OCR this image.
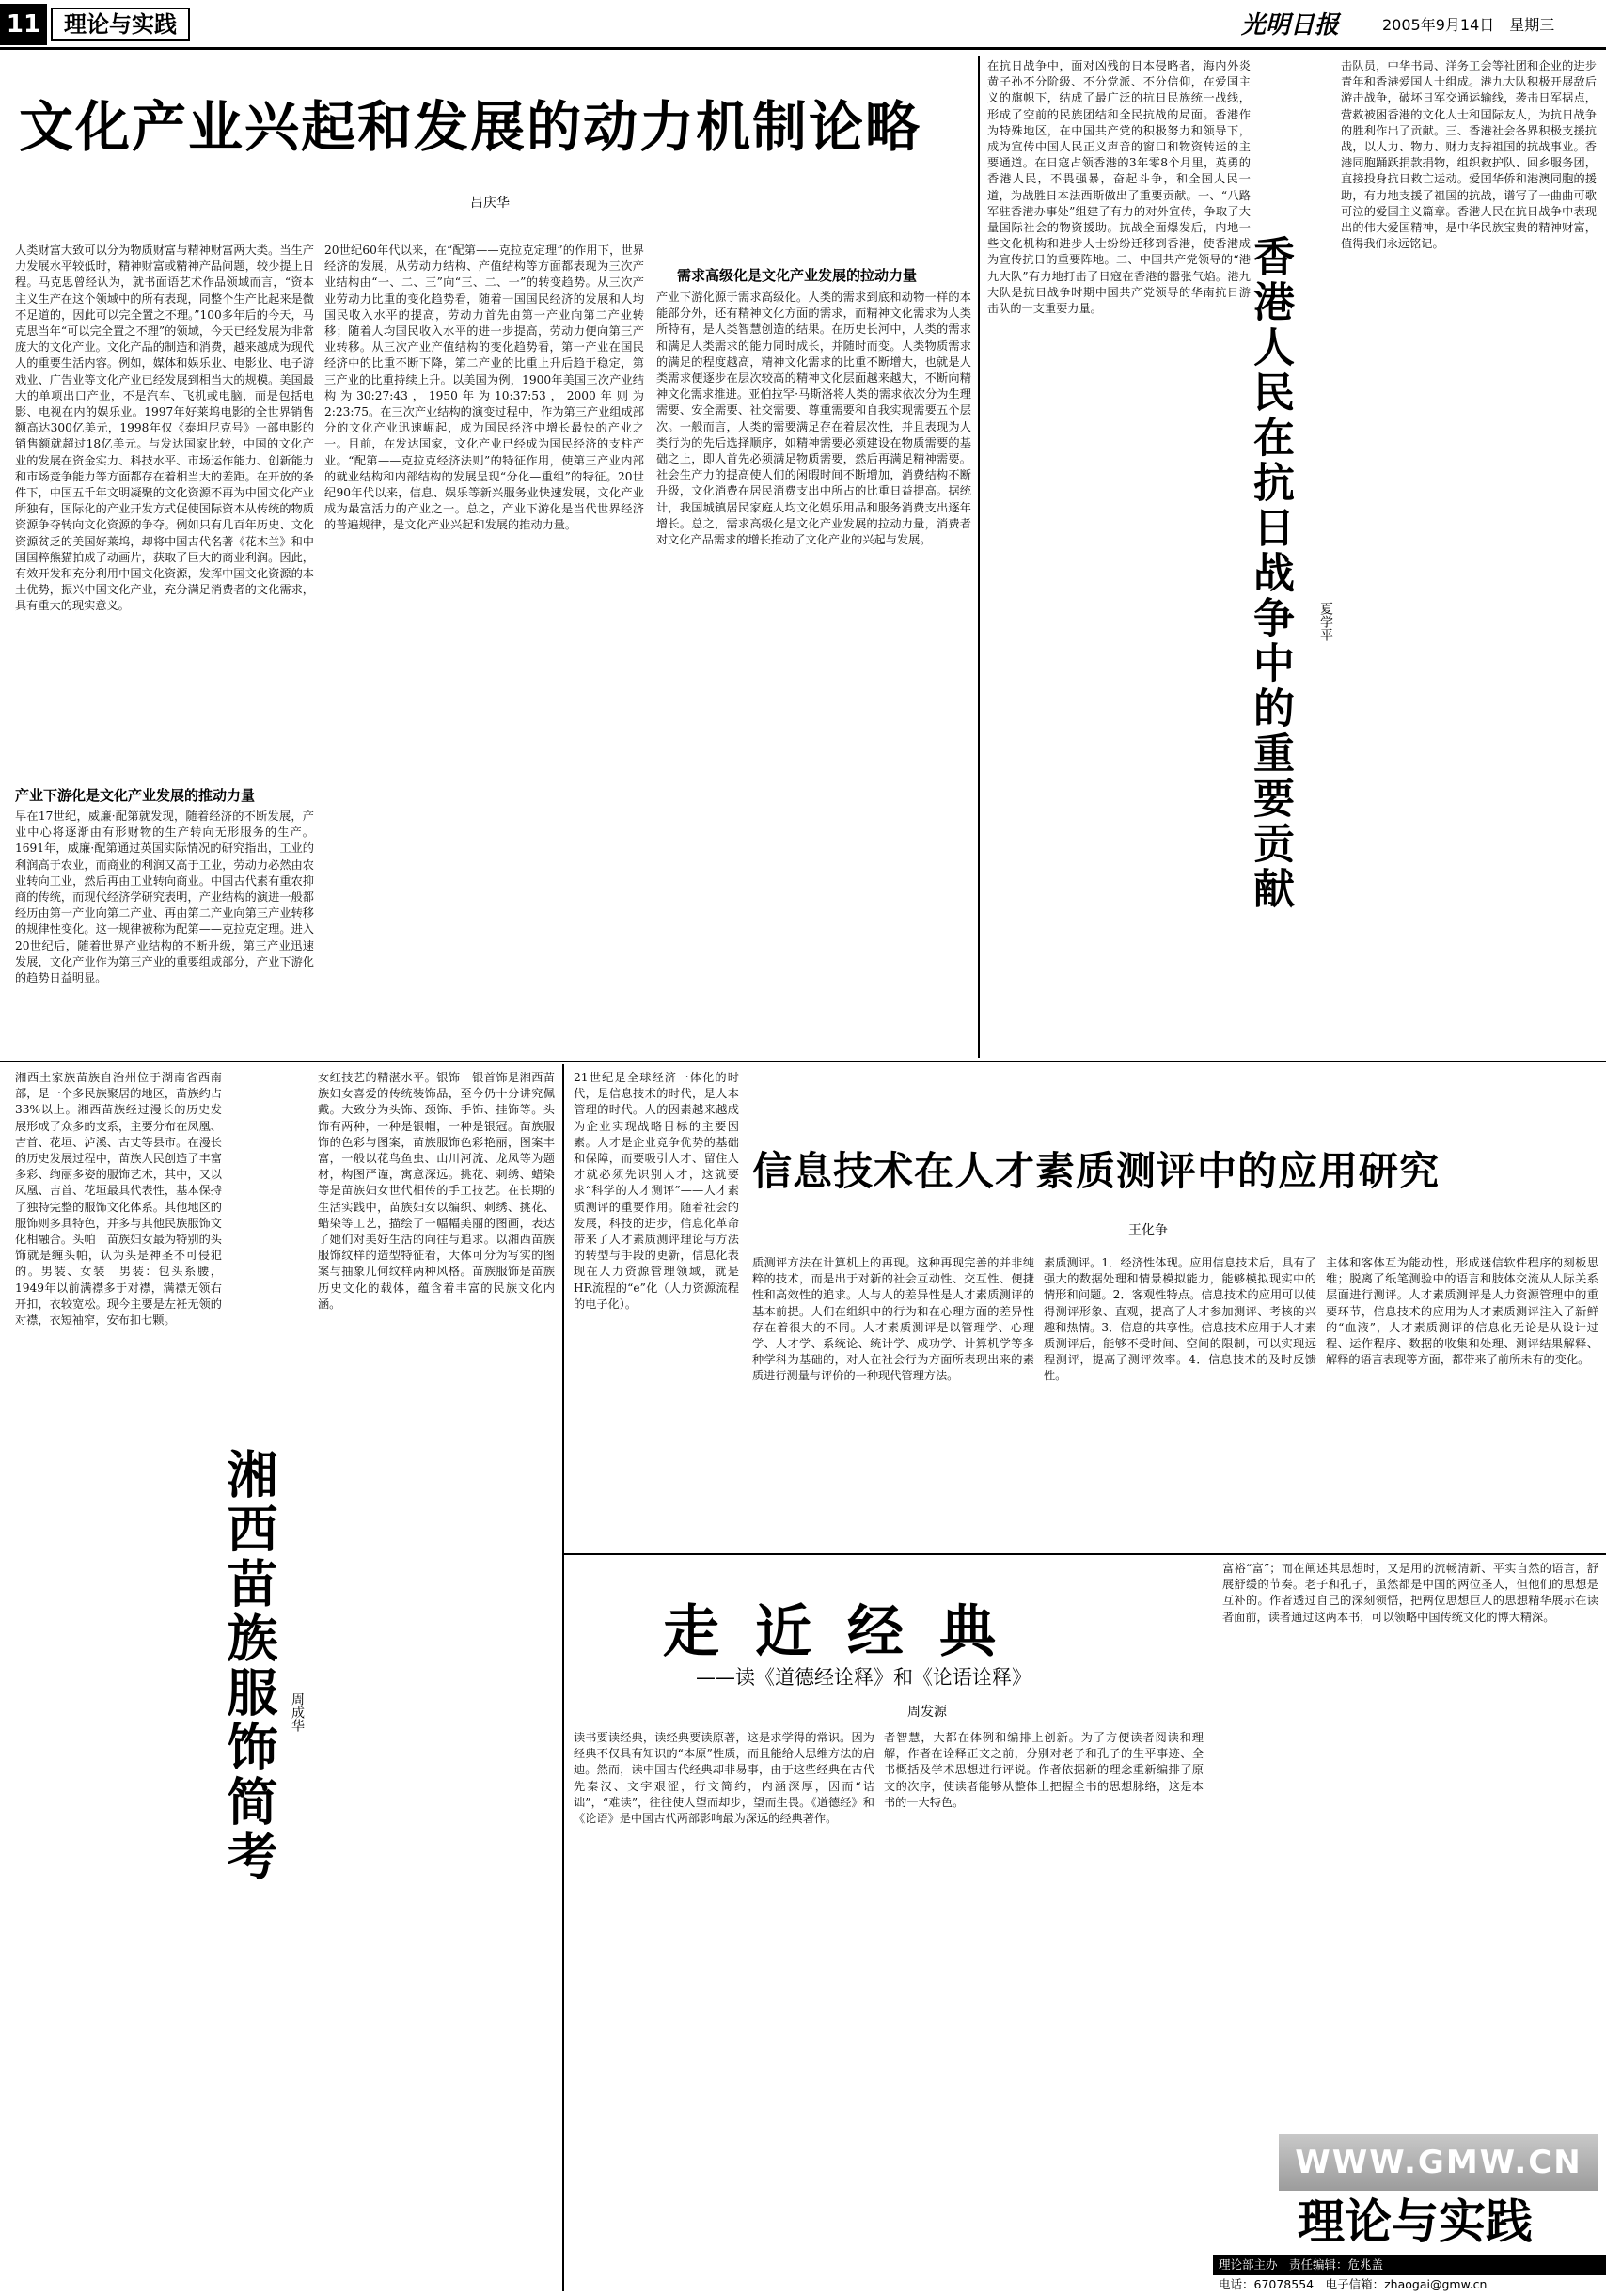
11版
理论与实践	光明日报	2005年9月14日　星期三
文化产业兴起和发展的动力机制论略
吕庆华
人类财富大致可以分为物质财富与精神财富两大类。当生产力发展水平较低时，精神财富或精神产品问题，较少提上日程。马克思曾经认为，就书面语艺术作品领域而言，“资本主义生产在这个领域中的所有表现，同整个生产比起来是微不足道的，因此可以完全置之不理。”100多年后的今天，马克思当年“可以完全置之不理”的领域，今天已经发展为非常庞大的文化产业。文化产品的制造和消费，越来越成为现代人的重要生活内容。例如，媒体和娱乐业、电影业、电子游戏业、广告业等文化产业已经发展到相当大的规模。美国最大的单项出口产业，不是汽车、飞机或电脑，而是包括电影、电视在内的娱乐业。1997年好莱坞电影的全世界销售额高达300亿美元，1998年仅《泰坦尼克号》一部电影的销售额就超过18亿美元。与发达国家比较，中国的文化产业的发展在资金实力、科技水平、市场运作能力、创新能力和市场竞争能力等方面都存在着相当大的差距。在开放的条件下，中国五千年文明凝聚的文化资源不再为中国文化产业所独有，国际化的产业开发方式促使国际资本从传统的物质资源争夺转向文化资源的争夺。例如只有几百年历史、文化资源贫乏的美国好莱坞，却将中国古代名著《花木兰》和中国国粹熊猫拍成了动画片，获取了巨大的商业利润。因此，有效开发和充分利用中国文化资源，发挥中国文化资源的本土优势，振兴中国文化产业，充分满足消费者的文化需求，具有重大的现实意义。
产业下游化是文化产业发展的推动力量
早在17世纪，威廉·配第就发现，随着经济的不断发展，产业中心将逐渐由有形财物的生产转向无形服务的生产。1691年，威廉·配第通过英国实际情况的研究指出，工业的利润高于农业，而商业的利润又高于工业，劳动力必然由农业转向工业，然后再由工业转向商业。中国古代素有重农抑商的传统，而现代经济学研究表明，产业结构的演进一般都经历由第一产业向第二产业、再由第二产业向第三产业转移的规律性变化。这一规律被称为配第——克拉克定理。进入20世纪后，随着世界产业结构的不断升级，第三产业迅速发展，文化产业作为第三产业的重要组成部分，产业下游化的趋势日益明显。
20世纪60年代以来，在“配第——克拉克定理”的作用下，世界经济的发展，从劳动力结构、产值结构等方面都表现为三次产业结构由“一、二、三”向“三、二、一”的转变趋势。从三次产业劳动力比重的变化趋势看，随着一国国民经济的发展和人均国民收入水平的提高，劳动力首先由第一产业向第二产业转移；随着人均国民收入水平的进一步提高，劳动力便向第三产业转移。从三次产业产值结构的变化趋势看，第一产业在国民经济中的比重不断下降，第二产业的比重上升后趋于稳定，第三产业的比重持续上升。以美国为例，1900年美国三次产业结构为30:27:43，1950年为10:37:53，2000年则为2:23:75。在三次产业结构的演变过程中，作为第三产业组成部分的文化产业迅速崛起，成为国民经济中增长最快的产业之一。目前，在发达国家，文化产业已经成为国民经济的支柱产业。“配第——克拉克经济法则”的特征作用，使第三产业内部的就业结构和内部结构的发展呈现“分化—重组”的特征。20世纪90年代以来，信息、娱乐等新兴服务业快速发展，文化产业成为最富活力的产业之一。总之，产业下游化是当代世界经济的普遍规律，是文化产业兴起和发展的推动力量。
需求高级化是文化产业发展的拉动力量
产业下游化源于需求高级化。人类的需求到底和动物一样的本能部分外，还有精神文化方面的需求，而精神文化需求为人类所特有，是人类智慧创造的结果。在历史长河中，人类的需求和满足人类需求的能力同时成长，并随时而变。人类物质需求的满足的程度越高，精神文化需求的比重不断增大，也就是人类需求便逐步在层次较高的精神文化层面越来越大，不断向精神文化需求推进。亚伯拉罕·马斯洛将人类的需求依次分为生理需要、安全需要、社交需要、尊重需要和自我实现需要五个层次。一般而言，人类的需要满足存在着层次性，并且表现为人类行为的先后选择顺序，如精神需要必须建设在物质需要的基础之上，即人首先必须满足物质需要，然后再满足精神需要。社会生产力的提高使人们的闲暇时间不断增加，消费结构不断升级，文化消费在居民消费支出中所占的比重日益提高。据统计，我国城镇居民家庭人均文化娱乐用品和服务消费支出逐年增长。总之，需求高级化是文化产业发展的拉动力量，消费者对文化产品需求的增长推动了文化产业的兴起与发展。
在抗日战争中，面对凶残的日本侵略者，海内外炎黄子孙不分阶级、不分党派、不分信仰，在爱国主义的旗帜下，结成了最广泛的抗日民族统一战线，形成了空前的民族团结和全民抗战的局面。香港作为特殊地区，在中国共产党的积极努力和领导下，成为宣传中国人民正义声音的窗口和物资转运的主要通道。在日寇占领香港的3年零8个月里，英勇的香港人民，不畏强暴，奋起斗争，和全国人民一道，为战胜日本法西斯做出了重要贡献。一、“八路军驻香港办事处”组建了有力的对外宣传，争取了大量国际社会的物资援助。抗战全面爆发后，内地一些文化机构和进步人士纷纷迁移到香港，使香港成为宣传抗日的重要阵地。二、中国共产党领导的“港九大队”有力地打击了日寇在香港的嚣张气焰。港九大队是抗日战争时期中国共产党领导的华南抗日游击队的一支重要力量。	香港人民在抗日战争中的重要贡献	夏学平
击队员，中华书局、洋务工会等社团和企业的进步青年和香港爱国人士组成。港九大队积极开展敌后游击战争，破坏日军交通运输线，袭击日军据点，营救被困香港的文化人士和国际友人，为抗日战争的胜利作出了贡献。三、香港社会各界积极支援抗战，以人力、物力、财力支持祖国的抗战事业。香港同胞踊跃捐款捐物，组织救护队、回乡服务团，直接投身抗日救亡运动。爱国华侨和港澳同胞的援助，有力地支援了祖国的抗战，谱写了一曲曲可歌可泣的爱国主义篇章。香港人民在抗日战争中表现出的伟大爱国精神，是中华民族宝贵的精神财富，值得我们永远铭记。
湘西土家族苗族自治州位于湖南省西南部，是一个多民族聚居的地区，苗族约占33%以上。湘西苗族经过漫长的历史发展形成了众多的支系，主要分布在凤凰、吉首、花垣、泸溪、古丈等县市。在漫长的历史发展过程中，苗族人民创造了丰富多彩、绚丽多姿的服饰艺术，其中，又以凤凰、吉首、花垣最具代表性，基本保持了独特完整的服饰文化体系。其他地区的服饰则多具特色，并多与其他民族服饰文化相融合。头帕　苗族妇女最为特别的头饰就是缠头帕，认为头是神圣不可侵犯的。男装、女装　男装：包头系腰，1949年以前满襟多于对襟，满襟无领右开扣，衣较宽松。现今主要是左衽无领的对襟，衣短袖窄，安布扣七颗。
湘西苗族服饰简考 周成华
女红技艺的精湛水平。银饰　银首饰是湘西苗族妇女喜爱的传统装饰品，至今仍十分讲究佩戴。大致分为头饰、颈饰、手饰、挂饰等。头饰有两种，一种是银帽，一种是银冠。苗族服饰的色彩与图案，苗族服饰色彩艳丽，图案丰富，一般以花鸟鱼虫、山川河流、龙凤等为题材，构图严谨，寓意深远。挑花、刺绣、蜡染等是苗族妇女世代相传的手工技艺。在长期的生活实践中，苗族妇女以编织、刺绣、挑花、蜡染等工艺，描绘了一幅幅美丽的图画，表达了她们对美好生活的向往与追求。以湘西苗族服饰纹样的造型特征看，大体可分为写实的图案与抽象几何纹样两种风格。苗族服饰是苗族历史文化的载体，蕴含着丰富的民族文化内涵。
21世纪是全球经济一体化的时代，是信息技术的时代，是人本管理的时代。人的因素越来越成为企业实现战略目标的主要因素。人才是企业竞争优势的基础和保障，而要吸引人才、留住人才就必须先识别人才，这就要求“科学的人才测评”——人才素质测评的重要作用。随着社会的发展，科技的进步，信息化革命带来了人才素质测评理论与方法的转型与手段的更新，信息化表现在人力资源管理领域，就是HR流程的“e”化（人力资源流程的电子化）。
信息技术在人才素质测评中的应用研究
王化争
质测评方法在计算机上的再现。这种再现完善的并非纯粹的技术，而是出于对新的社会互动性、交互性、便捷性和高效性的追求。人与人的差异性是人才素质测评的基本前提。人们在组织中的行为和在心理方面的差异性存在着很大的不同。人才素质测评是以管理学、心理学、人才学、系统论、统计学、成功学、计算机学等多种学科为基础的，对人在社会行为方面所表现出来的素质进行测量与评价的一种现代管理方法。
素质测评。1．经济性体现。应用信息技术后，具有了强大的数据处理和情景模拟能力，能够模拟现实中的情形和问题。2．客观性特点。信息技术的应用可以使得测评形象、直观，提高了人才参加测评、考核的兴趣和热情。3．信息的共享性。信息技术应用于人才素质测评后，能够不受时间、空间的限制，可以实现远程测评，提高了测评效率。4．信息技术的及时反馈性。
主体和客体互为能动性，形成迷信软件程序的刻板思维；脱离了纸笔测验中的语言和肢体交流从人际关系层面进行测评。人才素质测评是人力资源管理中的重要环节，信息技术的应用为人才素质测评注入了新鲜的“血液”，人才素质测评的信息化无论是从设计过程、运作程序、数据的收集和处理、测评结果解释、解释的语言表现等方面，都带来了前所未有的变化。
走近经典
——读《道德经诠释》和《论语诠释》
周发源
读书要读经典，读经典要读原著，这是求学得的常识。因为经典不仅具有知识的“本原”性质，而且能给人思维方法的启迪。然而，读中国古代经典却非易事，由于这些经典在古代先秦汉、文字艰涩，行文简约，内涵深厚，因而“诘诎”，“难读”，往往使人望而却步，望而生畏。《道德经》和《论语》是中国古代两部影响最为深远的经典著作。
者智慧，大都在体例和编排上创新。为了方便读者阅读和理解，作者在诠释正文之前，分别对老子和孔子的生平事迹、全书概括及学术思想进行评说。作者依据新的理念重新编排了原文的次序，使读者能够从整体上把握全书的思想脉络，这是本书的一大特色。
富裕“富”；而在阐述其思想时，又是用的流畅清新、平实自然的语言，舒展舒缓的节奏。老子和孔子，虽然都是中国的两位圣人，但他们的思想是互补的。作者透过自己的深刻领悟，把两位思想巨人的思想精华展示在读者面前，读者通过这两本书，可以领略中国传统文化的博大精深。
WWW.GMW.CN
理论与实践
理论部主办　责任编辑：危兆盖
电话：67078554　电子信箱：zhaogai@gmw.cn
